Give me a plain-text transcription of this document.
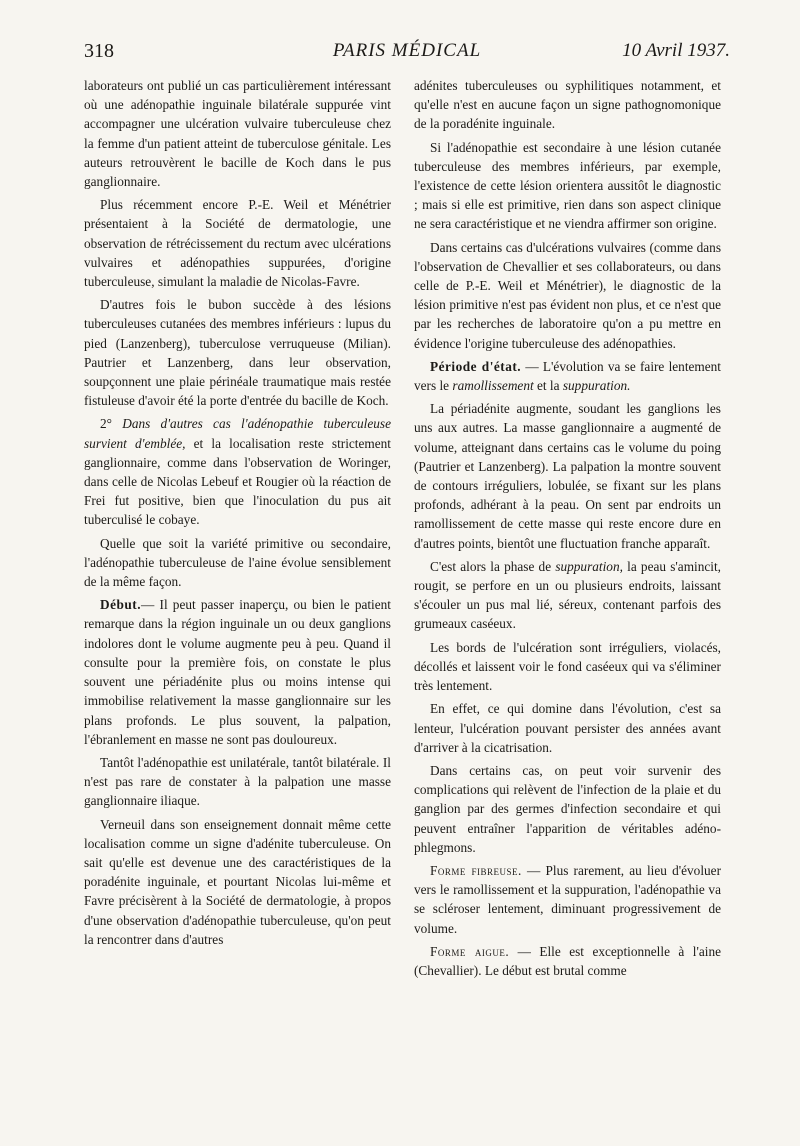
318	PARIS MÉDICAL	10 Avril 1937.

laborateurs ont publié un cas particulièrement intéressant où une adénopathie inguinale bilatérale suppurée vint accompagner une ulcération vulvaire tuberculeuse chez la femme d'un patient atteint de tuberculose génitale. Les auteurs retrouvèrent le bacille de Koch dans le pus ganglionnaire.

Plus récemment encore P.-E. Weil et Ménétrier présentaient à la Société de dermatologie, une observation de rétrécissement du rectum avec ulcérations vulvaires et adénopathies suppurées, d'origine tuberculeuse, simulant la maladie de Nicolas-Favre.

D'autres fois le bubon succède à des lésions tuberculeuses cutanées des membres inférieurs : lupus du pied (Lanzenberg), tuberculose verruqueuse (Milian). Pautrier et Lanzenberg, dans leur observation, soupçonnent une plaie périnéale traumatique mais restée fistuleuse d'avoir été la porte d'entrée du bacille de Koch.

2° Dans d'autres cas l'adénopathie tuberculeuse survient d'emblée, et la localisation reste strictement ganglionnaire, comme dans l'observation de Woringer, dans celle de Nicolas Lebeuf et Rougier où la réaction de Frei fut positive, bien que l'inoculation du pus ait tuberculisé le cobaye.

Quelle que soit la variété primitive ou secondaire, l'adénopathie tuberculeuse de l'aine évolue sensiblement de la même façon.

Début.— Il peut passer inaperçu, ou bien le patient remarque dans la région inguinale un ou deux ganglions indolores dont le volume augmente peu à peu. Quand il consulte pour la première fois, on constate le plus souvent une périadénite plus ou moins intense qui immobilise relativement la masse ganglionnaire sur les plans profonds. Le plus souvent, la palpation, l'ébranlement en masse ne sont pas douloureux.

Tantôt l'adénopathie est unilatérale, tantôt bilatérale. Il n'est pas rare de constater à la palpation une masse ganglionnaire iliaque.

Verneuil dans son enseignement donnait même cette localisation comme un signe d'adénite tuberculeuse. On sait qu'elle est devenue une des caractéristiques de la poradénite inguinale, et pourtant Nicolas lui-même et Favre précisèrent à la Société de dermatologie, à propos d'une observation d'adénopathie tuberculeuse, qu'on peut la rencontrer dans d'autres

adénites tuberculeuses ou syphilitiques notamment, et qu'elle n'est en aucune façon un signe pathognomonique de la poradénite inguinale.

Si l'adénopathie est secondaire à une lésion cutanée tuberculeuse des membres inférieurs, par exemple, l'existence de cette lésion orientera aussitôt le diagnostic ; mais si elle est primitive, rien dans son aspect clinique ne sera caractéristique et ne viendra affirmer son origine.

Dans certains cas d'ulcérations vulvaires (comme dans l'observation de Chevallier et ses collaborateurs, ou dans celle de P.-E. Weil et Ménétrier), le diagnostic de la lésion primitive n'est pas évident non plus, et ce n'est que par les recherches de laboratoire qu'on a pu mettre en évidence l'origine tuberculeuse des adénopathies.

Période d'état. — L'évolution va se faire lentement vers le ramollissement et la suppuration.

La périadénite augmente, soudant les ganglions les uns aux autres. La masse ganglionnaire a augmenté de volume, atteignant dans certains cas le volume du poing (Pautrier et Lanzenberg). La palpation la montre souvent de contours irréguliers, lobulée, se fixant sur les plans profonds, adhérant à la peau. On sent par endroits un ramollissement de cette masse qui reste encore dure en d'autres points, bientôt une fluctuation franche apparaît.

C'est alors la phase de suppuration, la peau s'amincit, rougit, se perfore en un ou plusieurs endroits, laissant s'écouler un pus mal lié, séreux, contenant parfois des grumeaux caséeux.

Les bords de l'ulcération sont irréguliers, violacés, décollés et laissent voir le fond caséeux qui va s'éliminer très lentement.

En effet, ce qui domine dans l'évolution, c'est sa lenteur, l'ulcération pouvant persister des années avant d'arriver à la cicatrisation.

Dans certains cas, on peut voir survenir des complications qui relèvent de l'infection de la plaie et du ganglion par des germes d'infection secondaire et qui peuvent entraîner l'apparition de véritables adéno-phlegmons.

Forme fibreuse. — Plus rarement, au lieu d'évoluer vers le ramollissement et la suppuration, l'adénopathie va se scléroser lentement, diminuant progressivement de volume.

Forme aigue. — Elle est exceptionnelle à l'aine (Chevallier). Le début est brutal comme
